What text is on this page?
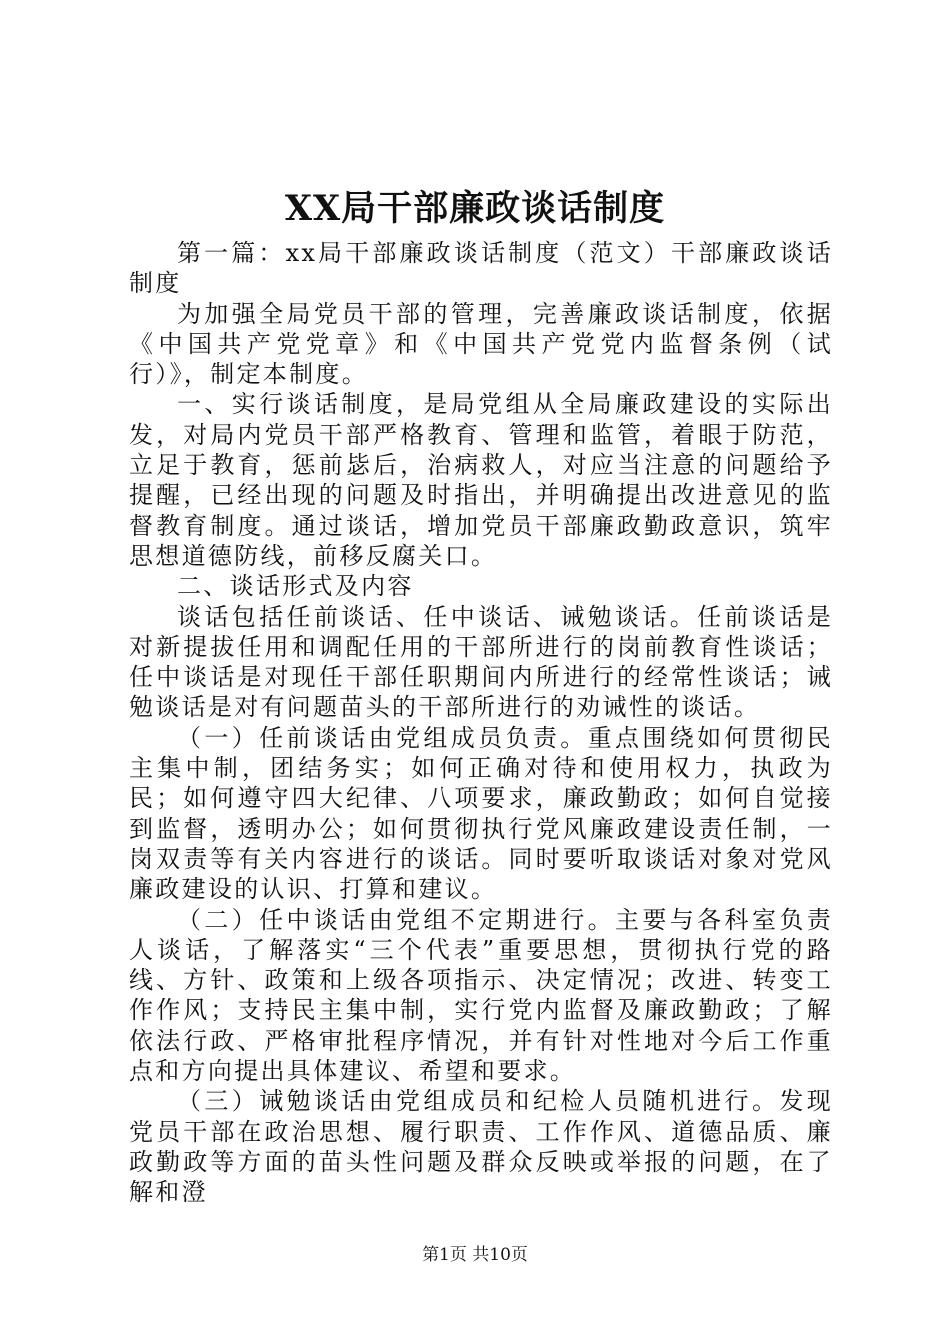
XX局干部廉政谈话制度

第一篇：xx局干部廉政谈话制度（范文）干部廉政谈话制度

为加强全局党员干部的管理，完善廉政谈话制度，依据《中国共产党党章》和《中国共产党党内监督条例（试行）》，制定本制度。

一、实行谈话制度，是局党组从全局廉政建设的实际出发，对局内党员干部严格教育、管理和监管，着眼于防范，立足于教育，惩前毖后，治病救人，对应当注意的问题给予提醒，已经出现的问题及时指出，并明确提出改进意见的监督教育制度。通过谈话，增加党员干部廉政勤政意识，筑牢思想道德防线，前移反腐关口。

二、谈话形式及内容

谈话包括任前谈话、任中谈话、诫勉谈话。任前谈话是对新提拔任用和调配任用的干部所进行的岗前教育性谈话；任中谈话是对现任干部任职期间内所进行的经常性谈话；诫勉谈话是对有问题苗头的干部所进行的劝诫性的谈话。

（一）任前谈话由党组成员负责。重点围绕如何贯彻民主集中制，团结务实；如何正确对待和使用权力，执政为民；如何遵守四大纪律、八项要求，廉政勤政；如何自觉接到监督，透明办公；如何贯彻执行党风廉政建设责任制，一岗双责等有关内容进行的谈话。同时要听取谈话对象对党风廉政建设的认识、打算和建议。

（二）任中谈话由党组不定期进行。主要与各科室负责人谈话，了解落实“三个代表”重要思想，贯彻执行党的路线、方针、政策和上级各项指示、决定情况；改进、转变工作作风；支持民主集中制，实行党内监督及廉政勤政；了解依法行政、严格审批程序情况，并有针对性地对今后工作重点和方向提出具体建议、希望和要求。

（三）诫勉谈话由党组成员和纪检人员随机进行。发现党员干部在政治思想、履行职责、工作作风、道德品质、廉政勤政等方面的苗头性问题及群众反映或举报的问题，在了解和澄

第1页 共10页
